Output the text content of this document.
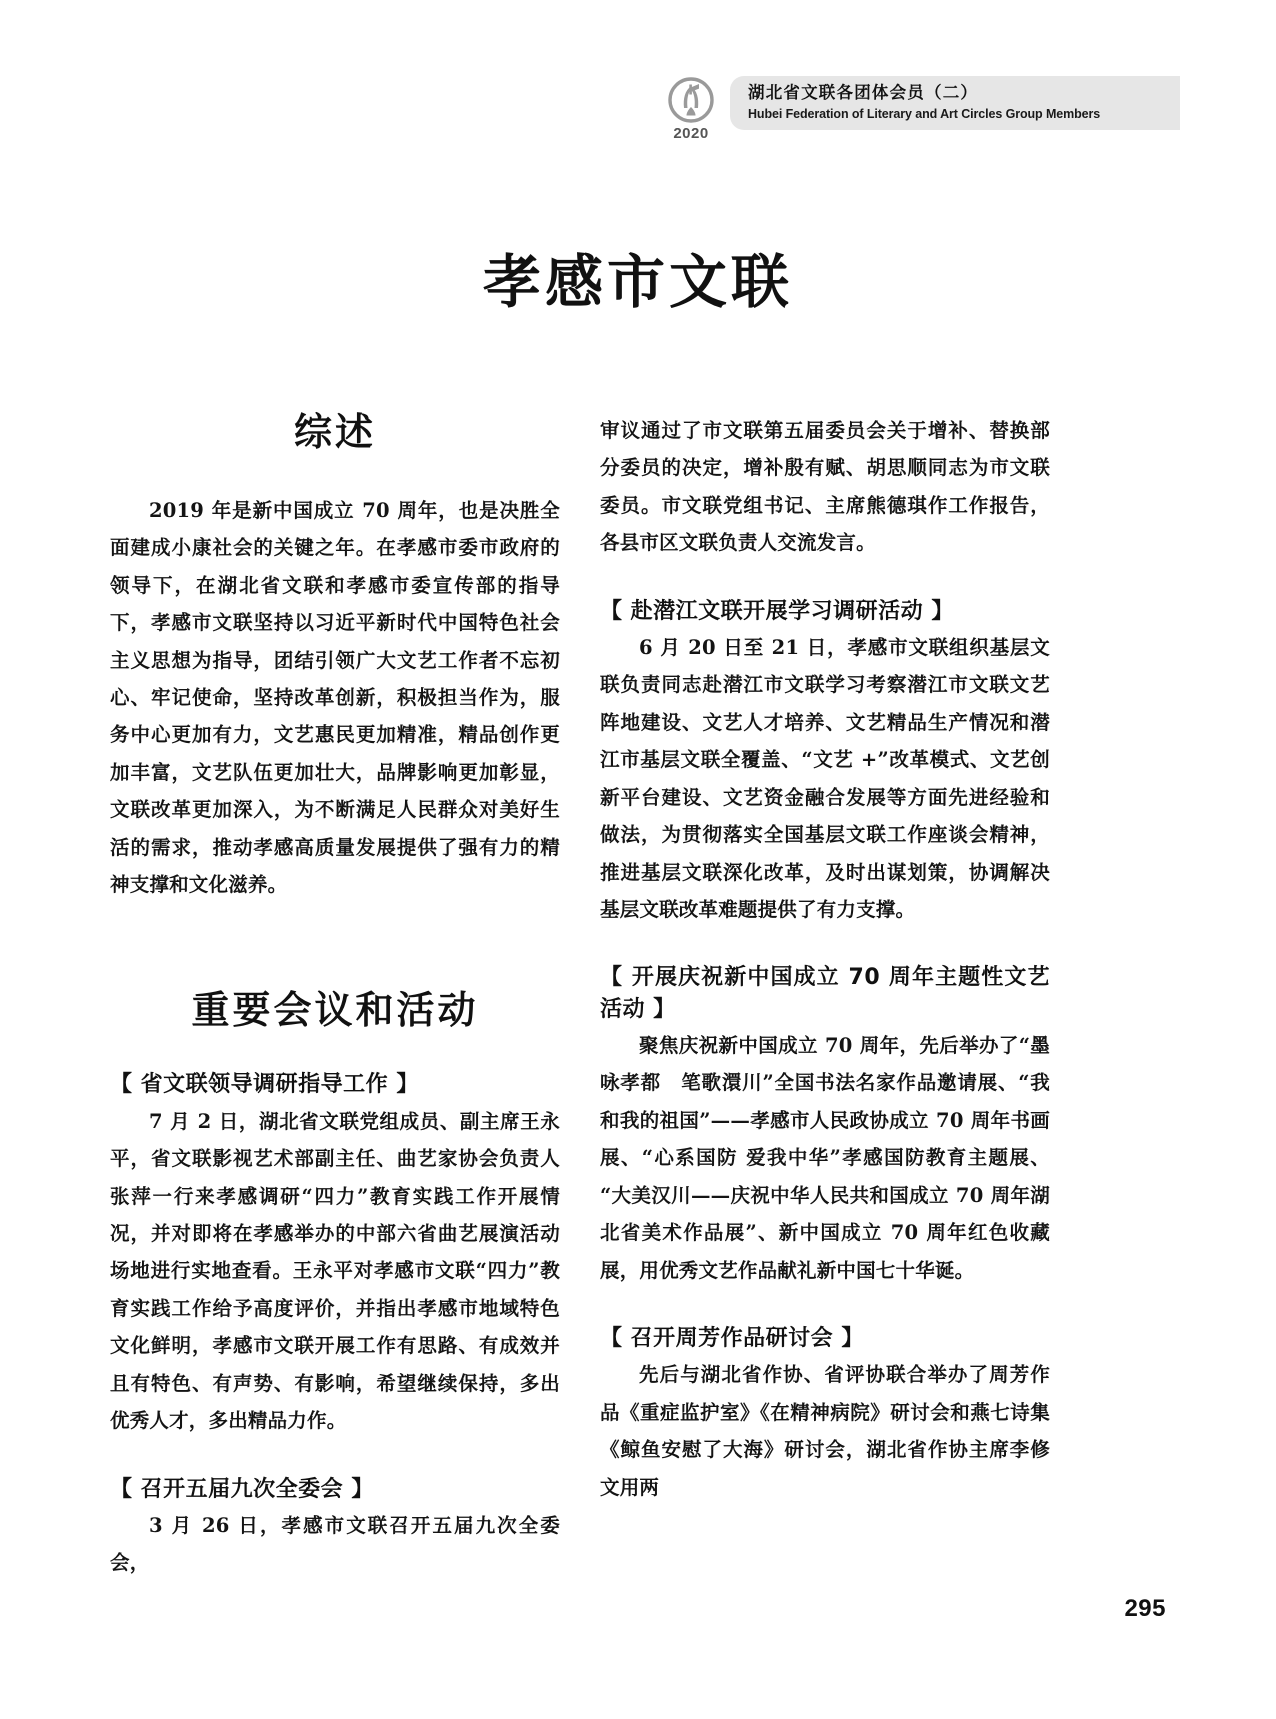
2020
湖北省文联各团体会员（二）
Hubei Federation of Literary and Art Circles Group Members
孝感市文联
综述

2019 年是新中国成立 70 周年，也是决胜全面建成小康社会的关键之年。在孝感市委市政府的领导下，在湖北省文联和孝感市委宣传部的指导下，孝感市文联坚持以习近平新时代中国特色社会主义思想为指导，团结引领广大文艺工作者不忘初心、牢记使命，坚持改革创新，积极担当作为，服务中心更加有力，文艺惠民更加精准，精品创作更加丰富，文艺队伍更加壮大，品牌影响更加彰显，文联改革更加深入，为不断满足人民群众对美好生活的需求，推动孝感高质量发展提供了强有力的精神支撑和文化滋养。

重要会议和活动
【 省文联领导调研指导工作 】

7 月 2 日，湖北省文联党组成员、副主席王永平，省文联影视艺术部副主任、曲艺家协会负责人张萍一行来孝感调研“四力”教育实践工作开展情况，并对即将在孝感举办的中部六省曲艺展演活动场地进行实地查看。王永平对孝感市文联“四力”教育实践工作给予高度评价，并指出孝感市地域特色文化鲜明，孝感市文联开展工作有思路、有成效并且有特色、有声势、有影响，希望继续保持，多出优秀人才，多出精品力作。

【 召开五届九次全委会 】

3 月 26 日，孝感市文联召开五届九次全委会，

审议通过了市文联第五届委员会关于增补、替换部分委员的决定，增补殷有赋、胡思顺同志为市文联委员。市文联党组书记、主席熊德琪作工作报告，各县市区文联负责人交流发言。

【 赴潜江文联开展学习调研活动 】

6 月 20 日至 21 日，孝感市文联组织基层文联负责同志赴潜江市文联学习考察潜江市文联文艺阵地建设、文艺人才培养、文艺精品生产情况和潜江市基层文联全覆盖、“文艺 +”改革模式、文艺创新平台建设、文艺资金融合发展等方面先进经验和做法，为贯彻落实全国基层文联工作座谈会精神，推进基层文联深化改革，及时出谋划策，协调解决基层文联改革难题提供了有力支撑。

【 开展庆祝新中国成立 70 周年主题性文艺活动 】

聚焦庆祝新中国成立 70 周年，先后举办了“墨咏孝都　笔歌澴川”全国书法名家作品邀请展、“我和我的祖国”——孝感市人民政协成立 70 周年书画展、“心系国防 爱我中华”孝感国防教育主题展、“大美汉川——庆祝中华人民共和国成立 70 周年湖北省美术作品展”、新中国成立 70 周年红色收藏展，用优秀文艺作品献礼新中国七十华诞。

【 召开周芳作品研讨会 】

先后与湖北省作协、省评协联合举办了周芳作品《重症监护室》《在精神病院》研讨会和燕七诗集《鲸鱼安慰了大海》研讨会，湖北省作协主席李修文用两

295
